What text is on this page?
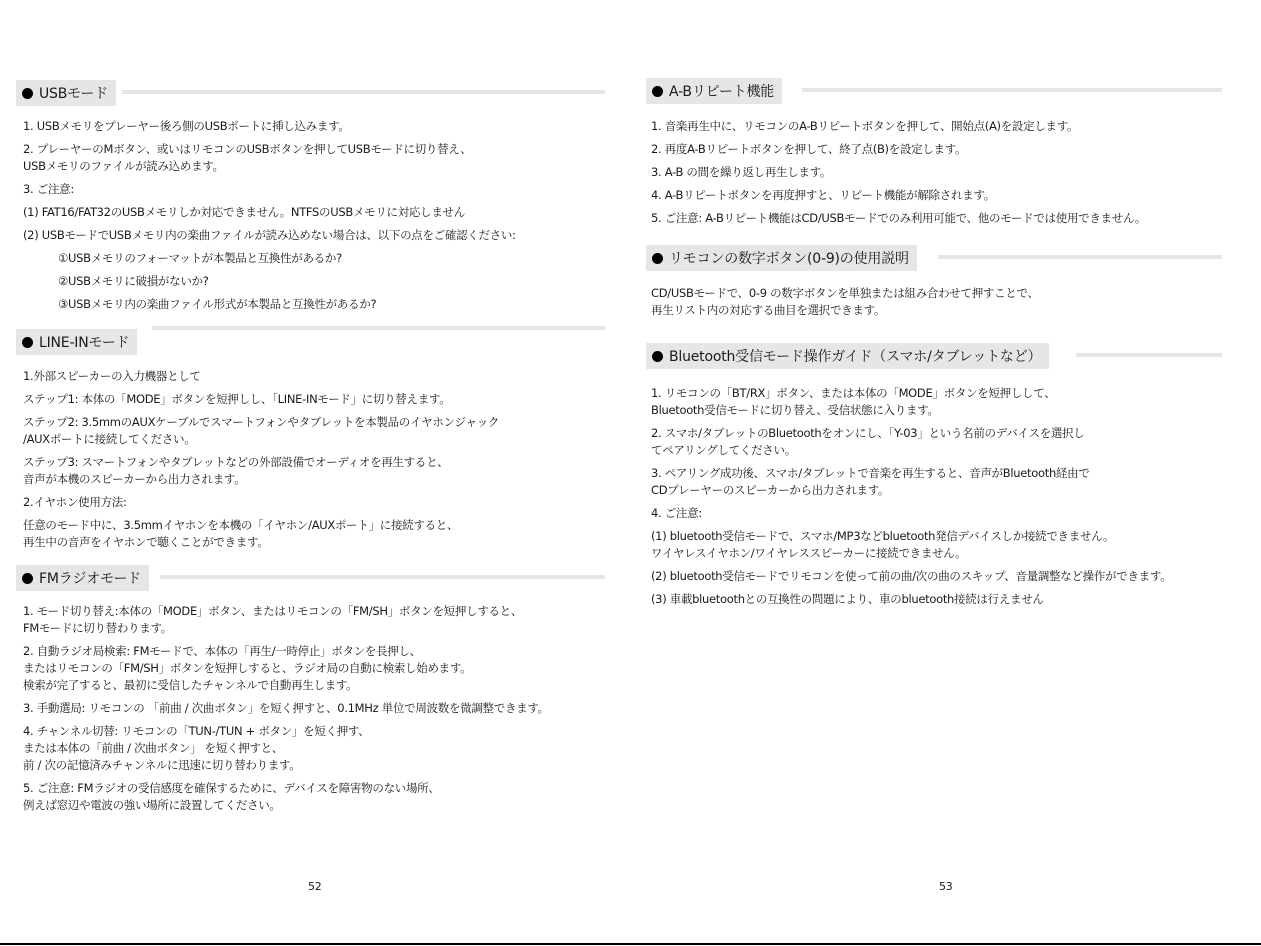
USBモード
1. USBメモリをプレーヤー後ろ側のUSBポートに挿し込みます。
2. プレーヤーのMボタン、或いはリモコンのUSBボタンを押してUSBモードに切り替え、
USBメモリのファイルが読み込めます。
3. ご注意:
(1) FAT16/FAT32のUSBメモリしか対応できません。NTFSのUSBメモリに対応しません
(2) USBモードでUSBメモリ内の楽曲ファイルが読み込めない場合は、以下の点をご確認ください:
①USBメモリのフォーマットが本製品と互換性があるか?
②USBメモリに破損がないか?
③USBメモリ内の楽曲ファイル形式が本製品と互換性があるか?
LINE-INモード
1.外部スピーカーの入力機器として
ステップ1: 本体の「MODE」ボタンを短押しし、「LINE-INモード」に切り替えます。
ステップ2: 3.5mmのAUXケーブルでスマートフォンやタブレットを本製品のイヤホンジャック
/AUXポートに接続してください。
ステップ3: スマートフォンやタブレットなどの外部設備でオーディオを再生すると、
音声が本機のスピーカーから出力されます。
2.イヤホン使用方法:
任意のモード中に、3.5mmイヤホンを本機の「イヤホン/AUXポート」に接続すると、
再生中の音声をイヤホンで聴くことができます。
FMラジオモード
1. モード切り替え:本体の「MODE」ボタン、またはリモコンの「FM/SH」ボタンを短押しすると、
FMモードに切り替わります。
2. 自動ラジオ局検索: FMモードで、本体の「再生/一時停止」ボタンを長押し、
またはリモコンの「FM/SH」ボタンを短押しすると、ラジオ局の自動に検索し始めます。
検索が完了すると、最初に受信したチャンネルで自動再生します。
3. 手動選局: リモコンの 「前曲 / 次曲ボタン」を短く押すと、0.1MHz 単位で周波数を微調整できます。
4. チャンネル切替: リモコンの「TUN-/TUN + ボタン」を短く押す、
または本体の「前曲 / 次曲ボタン」 を短く押すと、
前 / 次の記憶済みチャンネルに迅速に切り替わります。
5. ご注意: FMラジオの受信感度を確保するために、デバイスを障害物のない場所、
例えば窓辺や電波の強い場所に設置してください。
52
A-Bリピート機能
1. 音楽再生中に、リモコンのA-Bリピートボタンを押して、開始点(A)を設定します。
2. 再度A-Bリピートボタンを押して、終了点(B)を設定します。
3. A-B の間を繰り返し再生します。
4. A-Bリピートボタンを再度押すと、リピート機能が解除されます。
5. ご注意: A-Bリピート機能はCD/USBモードでのみ利用可能で、他のモードでは使用できません。
リモコンの数字ボタン(0-9)の使用説明
CD/USBモードで、0-9 の数字ボタンを単独または組み合わせて押すことで、
再生リスト内の対応する曲目を選択できます。
Bluetooth受信モード操作ガイド（スマホ/タブレットなど）
1. リモコンの「BT/RX」ボタン、または本体の「MODE」ボタンを短押しして、
Bluetooth受信モードに切り替え、受信状態に入ります。
2. スマホ/タブレットのBluetoothをオンにし、「Y-03」という名前のデバイスを選択し
てペアリングしてください。
3. ペアリング成功後、スマホ/タブレットで音楽を再生すると、音声がBluetooth経由で
CDプレーヤーのスピーカーから出力されます。
4. ご注意:
(1) bluetooth受信モードで、スマホ/MP3などbluetooth発信デバイスしか接続できません。
ワイヤレスイヤホン/ワイヤレススピーカーに接続できません。
(2) bluetooth受信モードでリモコンを使って前の曲/次の曲のスキップ、音量調整など操作ができます。
(3) 車載bluetoothとの互換性の問題により、車のbluetooth接続は行えません
53
